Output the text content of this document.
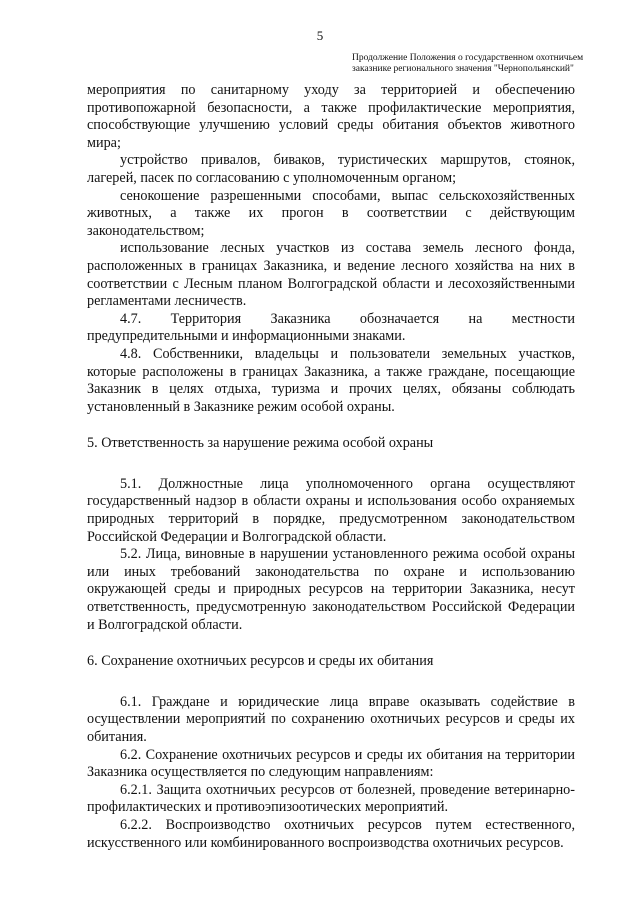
5
Продолжение Положения о государственном охотничьем
заказнике регионального значения "Чернопольянский"

мероприятия по санитарному уходу за территорией и обеспечению противопожарной безопасности, а также профилактические мероприятия, способствующие улучшению условий среды обитания объектов животного мира;

устройство привалов, биваков, туристических маршрутов, стоянок, лагерей, пасек по согласованию с уполномоченным органом;

сенокошение разрешенными способами, выпас сельскохозяйственных животных, а также их прогон в соответствии с действующим законодательством;

использование лесных участков из состава земель лесного фонда, расположенных в границах Заказника, и ведение лесного хозяйства на них в соответствии с Лесным планом Волгоградской области и лесохозяйственными регламентами лесничеств.

4.7. Территория Заказника обозначается на местности предупредительными и информационными знаками.

4.8. Собственники, владельцы и пользователи земельных участков, которые расположены в границах Заказника, а также граждане, посещающие Заказник в целях отдыха, туризма и прочих целях, обязаны соблюдать установленный в Заказнике режим особой охраны.

5. Ответственность за нарушение режима особой охраны

5.1. Должностные лица уполномоченного органа осуществляют государственный надзор в области охраны и использования особо охраняемых природных территорий в порядке, предусмотренном законодательством Российской Федерации и Волгоградской области.

5.2. Лица, виновные в нарушении установленного режима особой охраны или иных требований законодательства по охране и использованию окружающей среды и природных ресурсов на территории Заказника, несут ответственность, предусмотренную законодательством Российской Федерации и Волгоградской области.

6. Сохранение охотничьих ресурсов и среды их обитания

6.1. Граждане и юридические лица вправе оказывать содействие в осуществлении мероприятий по сохранению охотничьих ресурсов и среды их обитания.

6.2. Сохранение охотничьих ресурсов и среды их обитания на территории Заказника осуществляется по следующим направлениям:

6.2.1. Защита охотничьих ресурсов от болезней, проведение ветеринарно-профилактических и противоэпизоотических мероприятий.

6.2.2. Воспроизводство охотничьих ресурсов путем естественного, искусственного или комбинированного воспроизводства охотничьих ресурсов.
